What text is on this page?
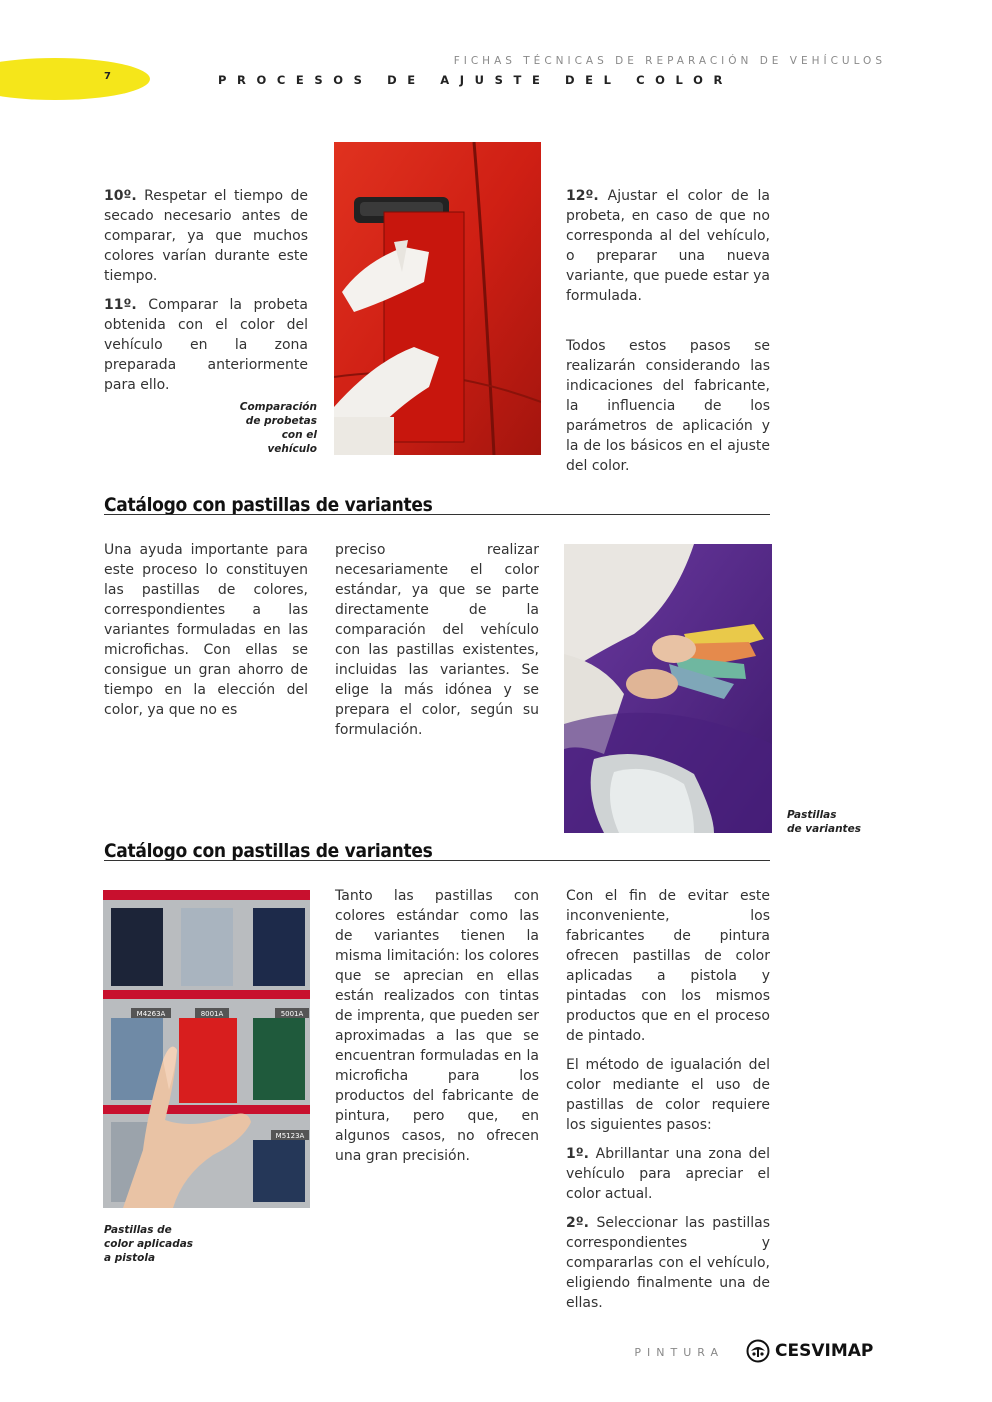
7
FICHAS TÉCNICAS DE REPARACIÓN DE VEHÍCULOS
PROCESOS DE AJUSTE DEL COLOR

10º. Respetar el tiempo de secado necesario antes de comparar, ya que muchos colores varían durante este tiempo.

11º. Comparar la probeta obtenida con el color del vehículo en la zona preparada anteriormente para ello.

Comparación
de probetas
con el
vehículo

12º. Ajustar el color de la probeta, en caso de que no corresponda al del vehículo, o preparar una nueva variante, que puede estar ya formulada.

Todos estos pasos se realizarán considerando las indicaciones del fabricante, la influencia de los parámetros de aplicación y la de los básicos en el ajuste del color.

Catálogo con pastillas de variantes

Una ayuda importante para este proceso lo constituyen las pastillas de colores, correspondientes a las variantes formuladas en las microfichas. Con ellas se consigue un gran ahorro de tiempo en la elección del color, ya que no es

preciso realizar necesariamente el color estándar, ya que se parte directamente de la comparación del vehículo con las pastillas existentes, incluidas las variantes. Se elige la más idónea y se prepara el color, según su formulación.

Pastillas
de variantes
Catálogo con pastillas de variantes
M4263A	8001A	5001A
M5123A
Pastillas de
color aplicadas
a pistola

Tanto las pastillas con colores estándar como las de variantes tienen la misma limitación: los colores que se aprecian en ellas están realizados con tintas de imprenta, que pueden ser aproximadas a las que se encuentran formuladas en la microficha para los productos del fabricante de pintura, pero que, en algunos casos, no ofrecen una gran precisión.

Con el fin de evitar este inconveniente, los fabricantes de pintura ofrecen pastillas de color aplicadas a pistola y pintadas con los mismos productos que en el proceso de pintado.

El método de igualación del color mediante el uso de pastillas de color requiere los siguientes pasos:

1º. Abrillantar una zona del vehículo para apreciar el color actual.

2º. Seleccionar las pastillas correspondientes y compararlas con el vehículo, eligiendo finalmente una de ellas.

PINTURA	CESVIMAP
